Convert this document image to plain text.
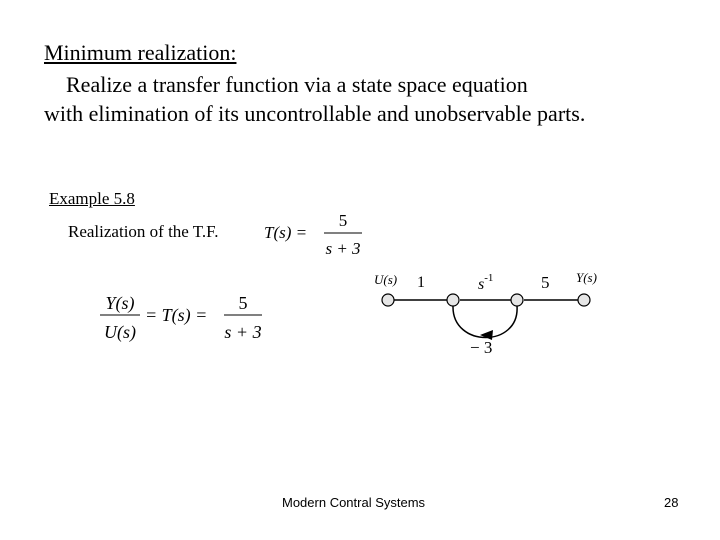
Minimum realization:
Realize a transfer function via a state space equation
with elimination of its uncontrollable and unobservable parts.
Example 5.8
Realization of the T.F.	T(s) =
5
s + 3
Y(s)
U(s)
= T(s) =
5
s + 3
U(s)	Y(s)
1	$s^{-1}$	5
− 3
Modern Contral Systems	28
